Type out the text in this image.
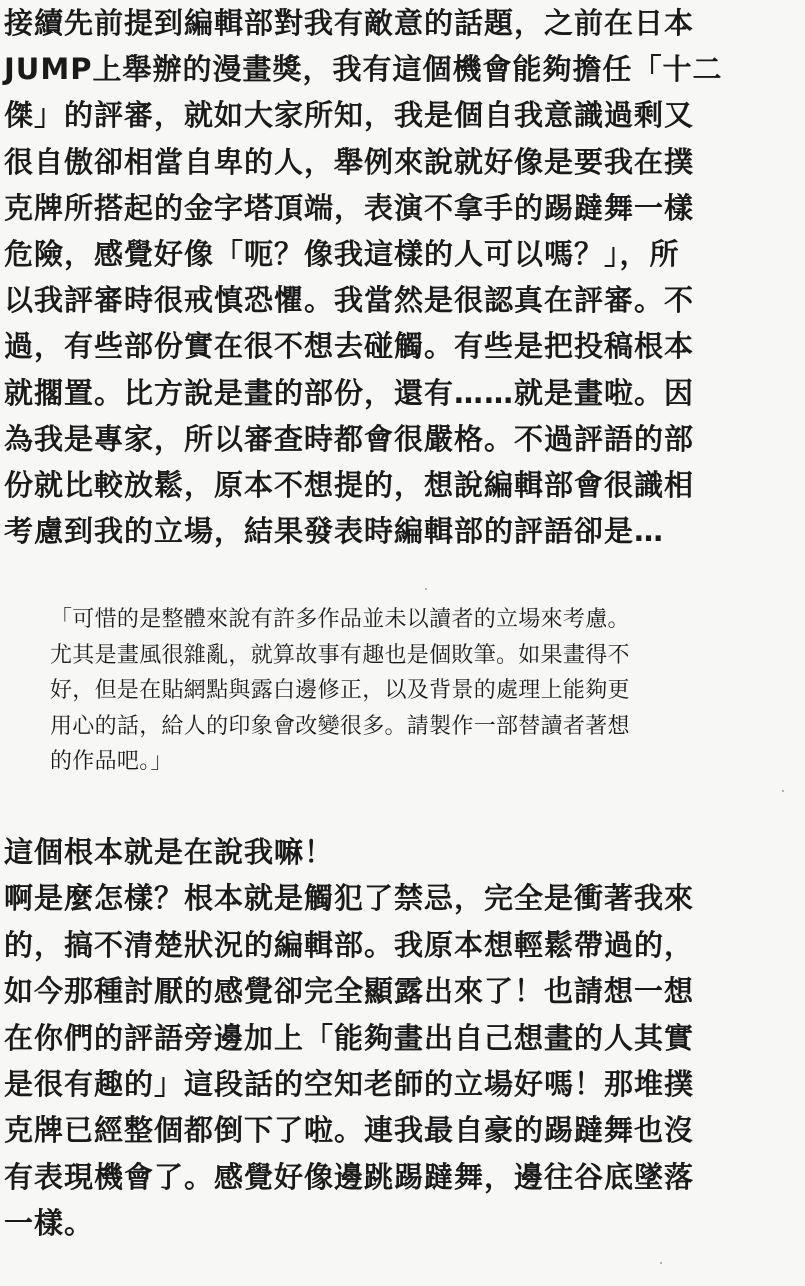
接續先前提到編輯部對我有敵意的話題，之前在日本
JUMP上舉辦的漫畫獎，我有這個機會能夠擔任「十二
傑」的評審，就如大家所知，我是個自我意識過剩又
很自傲卻相當自卑的人，舉例來說就好像是要我在撲
克牌所搭起的金字塔頂端，表演不拿手的踢躂舞一樣
危險，感覺好像「呃？像我這樣的人可以嗎？」，所
以我評審時很戒慎恐懼。我當然是很認真在評審。不
過，有些部份實在很不想去碰觸。有些是把投稿根本
就擱置。比方說是畫的部份，還有……就是畫啦。因
為我是專家，所以審查時都會很嚴格。不過評語的部
份就比較放鬆，原本不想提的，想說編輯部會很識相
考慮到我的立場，結果發表時編輯部的評語卻是…
「可惜的是整體來說有許多作品並未以讀者的立場來考慮。
尤其是畫風很雜亂，就算故事有趣也是個敗筆。如果畫得不
好，但是在貼網點與露白邊修正，以及背景的處理上能夠更
用心的話，給人的印象會改變很多。請製作一部替讀者著想
的作品吧。」
這個根本就是在說我嘛！
啊是麼怎樣？根本就是觸犯了禁忌，完全是衝著我來
的，搞不清楚狀況的編輯部。我原本想輕鬆帶過的，
如今那種討厭的感覺卻完全顯露出來了！也請想一想
在你們的評語旁邊加上「能夠畫出自己想畫的人其實
是很有趣的」這段話的空知老師的立場好嗎！那堆撲
克牌已經整個都倒下了啦。連我最自豪的踢躂舞也沒
有表現機會了。感覺好像邊跳踢躂舞，邊往谷底墜落
一樣。
